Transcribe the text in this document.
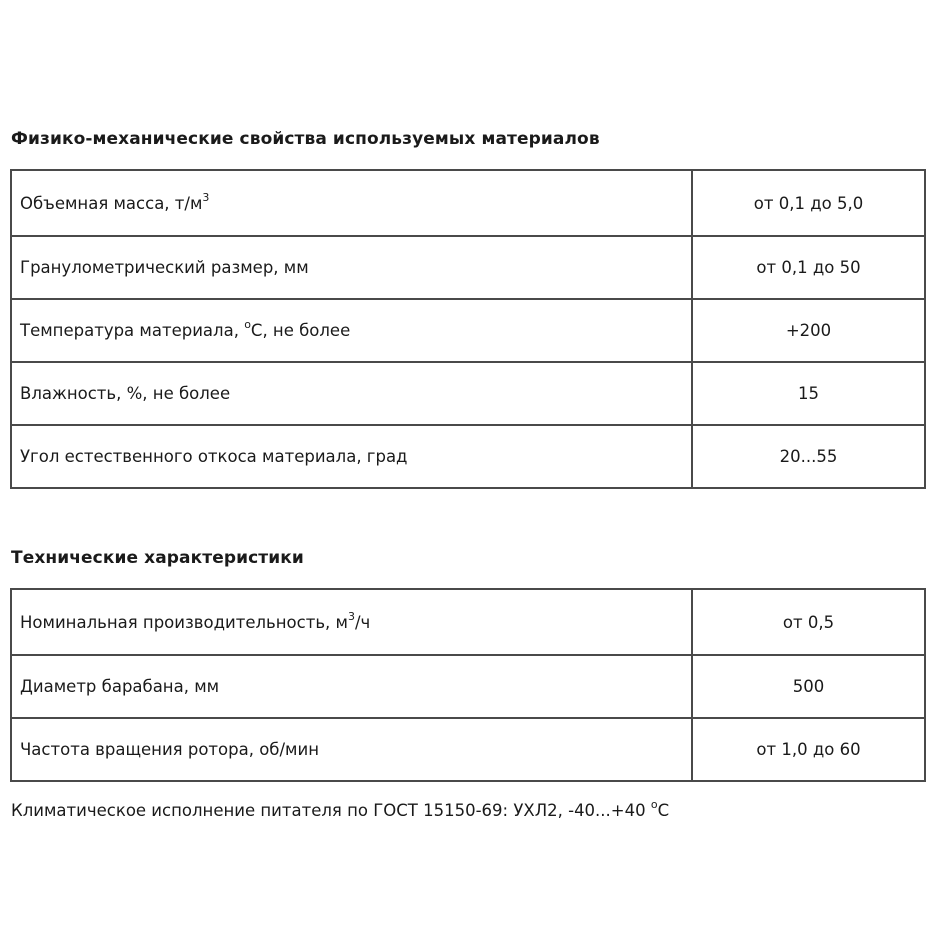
Физико-механические свойства используемых материалов
Объемная масса, $т/м^3$	от 0,1 до 5,0
Гранулометрический размер, мм	от 0,1 до 50
Температура материала, $^о$С, не более	+200
Влажность, %, не более	15
Угол естественного откоса материала, град	20...55
Технические характеристики
Номинальная производительность, $м^3/ч$	от 0,5
Диаметр барабана, мм	500
Частота вращения ротора, об/мин	от 1,0 до 60

Климатическое исполнение питателя по ГОСТ 15150-69: УХЛ2, -40...+40 $^о$С
